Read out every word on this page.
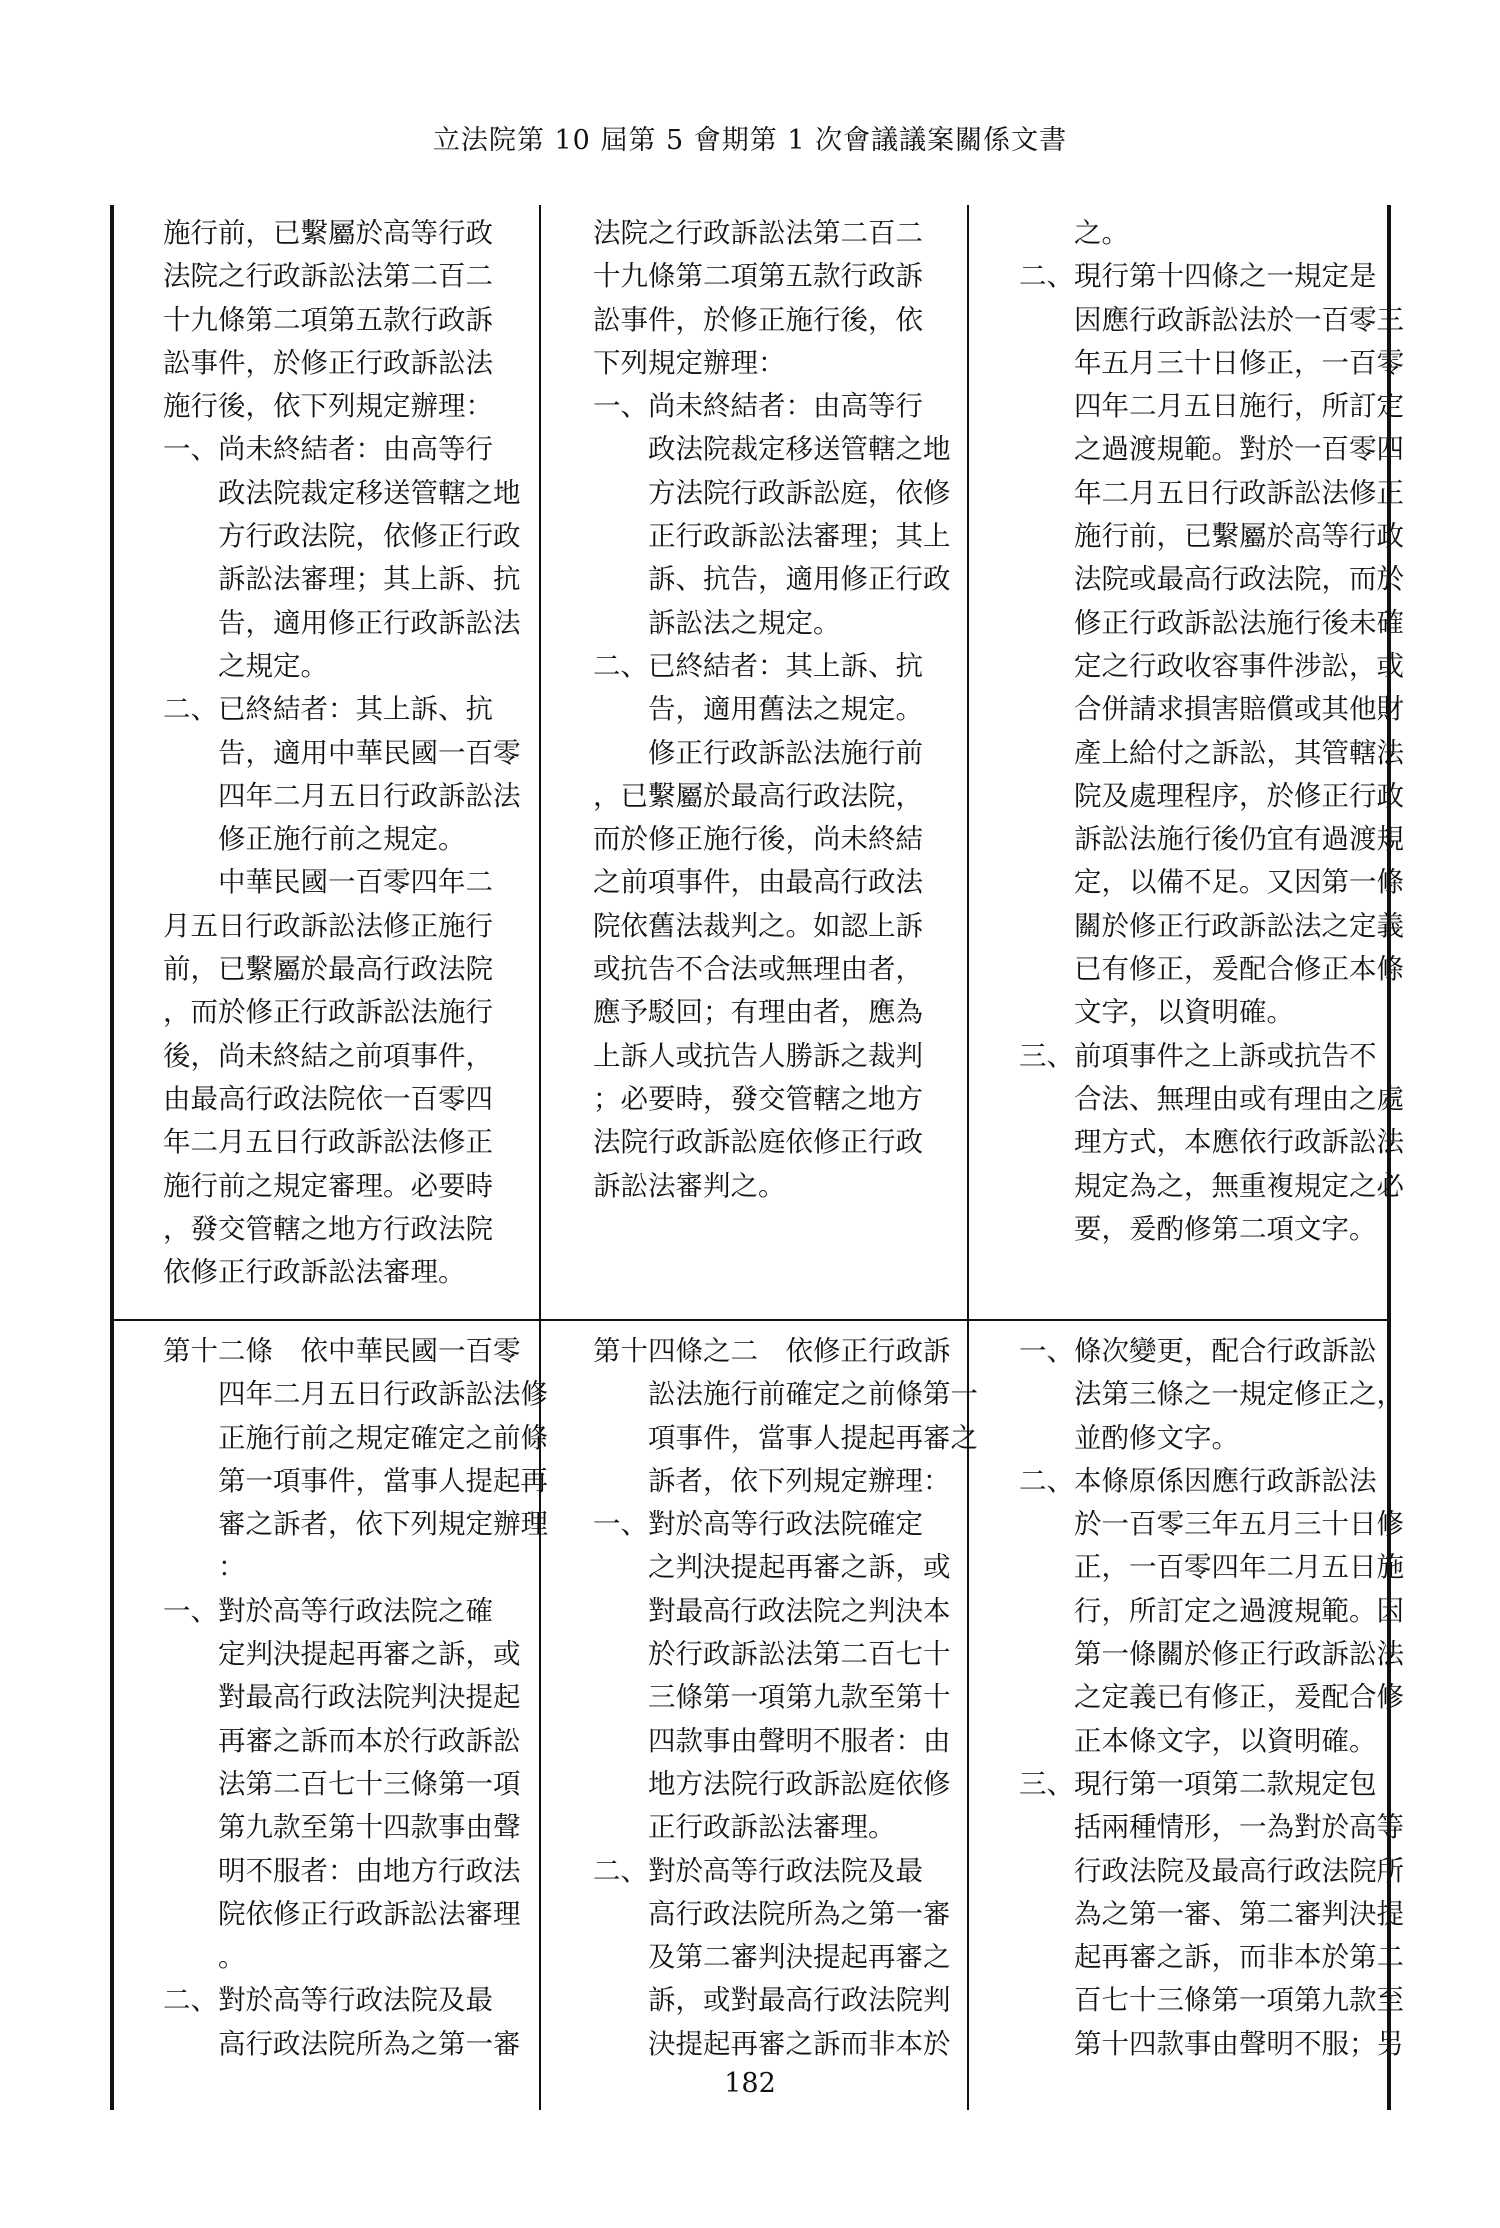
立法院第 10 屆第 5 會期第 1 次會議議案關係文書
182
施行前，已繫屬於高等行政
法院之行政訴訟法第二百二
十九條第二項第五款行政訴
訟事件，於修正行政訴訟法
施行後，依下列規定辦理：
一、尚未終結者：由高等行
政法院裁定移送管轄之地
方行政法院，依修正行政
訴訟法審理；其上訴、抗
告，適用修正行政訴訟法
之規定。
二、已終結者：其上訴、抗
告，適用中華民國一百零
四年二月五日行政訴訟法
修正施行前之規定。
中華民國一百零四年二
月五日行政訴訟法修正施行
前，已繫屬於最高行政法院
，而於修正行政訴訟法施行
後，尚未終結之前項事件，
由最高行政法院依一百零四
年二月五日行政訴訟法修正
施行前之規定審理。必要時
，發交管轄之地方行政法院
依修正行政訴訟法審理。
法院之行政訴訟法第二百二
十九條第二項第五款行政訴
訟事件，於修正施行後，依
下列規定辦理：
一、尚未終結者：由高等行
政法院裁定移送管轄之地
方法院行政訴訟庭，依修
正行政訴訟法審理；其上
訴、抗告，適用修正行政
訴訟法之規定。
二、已終結者：其上訴、抗
告，適用舊法之規定。
修正行政訴訟法施行前
，已繫屬於最高行政法院，
而於修正施行後，尚未終結
之前項事件，由最高行政法
院依舊法裁判之。如認上訴
或抗告不合法或無理由者，
應予駁回；有理由者，應為
上訴人或抗告人勝訴之裁判
；必要時，發交管轄之地方
法院行政訴訟庭依修正行政
訴訟法審判之。
之。
二、現行第十四條之一規定是
因應行政訴訟法於一百零三
年五月三十日修正，一百零
四年二月五日施行，所訂定
之過渡規範。對於一百零四
年二月五日行政訴訟法修正
施行前，已繫屬於高等行政
法院或最高行政法院，而於
修正行政訴訟法施行後未確
定之行政收容事件涉訟，或
合併請求損害賠償或其他財
產上給付之訴訟，其管轄法
院及處理程序，於修正行政
訴訟法施行後仍宜有過渡規
定，以備不足。又因第一條
關於修正行政訴訟法之定義
已有修正，爰配合修正本條
文字，以資明確。
三、前項事件之上訴或抗告不
合法、無理由或有理由之處
理方式，本應依行政訴訟法
規定為之，無重複規定之必
要，爰酌修第二項文字。
第十二條　依中華民國一百零
四年二月五日行政訴訟法修
正施行前之規定確定之前條
第一項事件，當事人提起再
審之訴者，依下列規定辦理
：
一、對於高等行政法院之確
定判決提起再審之訴，或
對最高行政法院判決提起
再審之訴而本於行政訴訟
法第二百七十三條第一項
第九款至第十四款事由聲
明不服者：由地方行政法
院依修正行政訴訟法審理
。
二、對於高等行政法院及最
高行政法院所為之第一審
第十四條之二　依修正行政訴
訟法施行前確定之前條第一
項事件，當事人提起再審之
訴者，依下列規定辦理：
一、對於高等行政法院確定
之判決提起再審之訴，或
對最高行政法院之判決本
於行政訴訟法第二百七十
三條第一項第九款至第十
四款事由聲明不服者：由
地方法院行政訴訟庭依修
正行政訴訟法審理。
二、對於高等行政法院及最
高行政法院所為之第一審
及第二審判決提起再審之
訴，或對最高行政法院判
決提起再審之訴而非本於
一、條次變更，配合行政訴訟
法第三條之一規定修正之，
並酌修文字。
二、本條原係因應行政訴訟法
於一百零三年五月三十日修
正，一百零四年二月五日施
行，所訂定之過渡規範。因
第一條關於修正行政訴訟法
之定義已有修正，爰配合修
正本條文字，以資明確。
三、現行第一項第二款規定包
括兩種情形，一為對於高等
行政法院及最高行政法院所
為之第一審、第二審判決提
起再審之訴，而非本於第二
百七十三條第一項第九款至
第十四款事由聲明不服；另
